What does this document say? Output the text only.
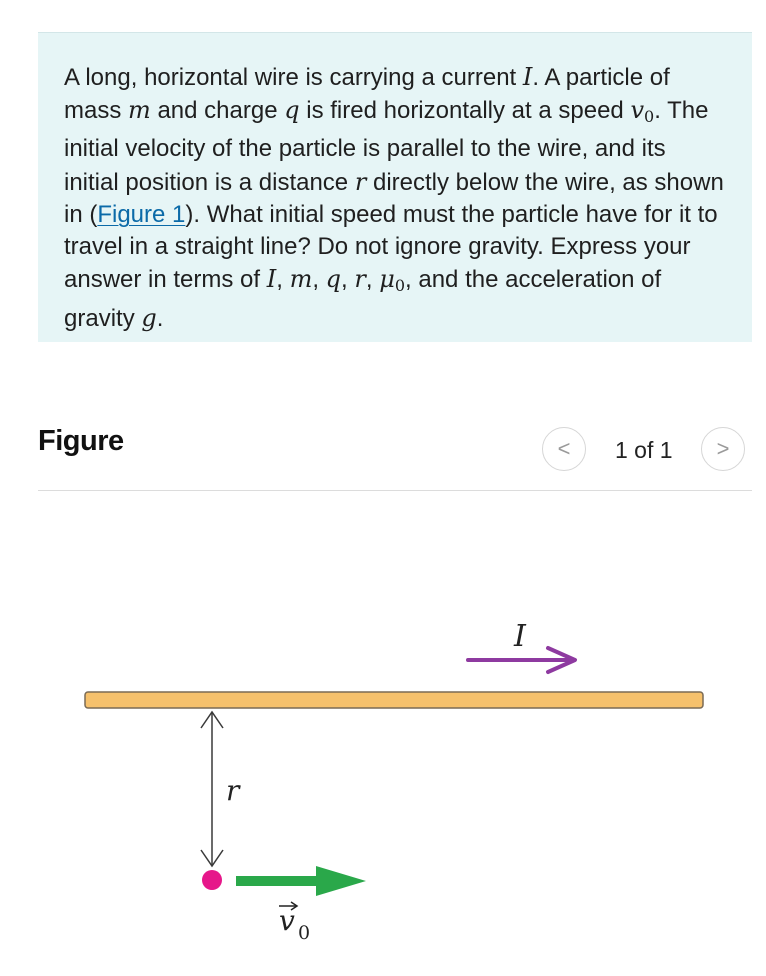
A long, horizontal wire is carrying a current I. A particle of mass m and charge q is fired horizontally at a speed $v_0$. The initial velocity of the particle is parallel to the wire, and its initial position is a distance r directly below the wire, as shown in (Figure 1). What initial speed must the particle have for it to travel in a straight line? Do not ignore gravity. Express your answer in terms of I, m, q, r, $\mu_0$, and the acceleration of gravity g.
Figure	< 1 of 1 >
I
r
v 0
